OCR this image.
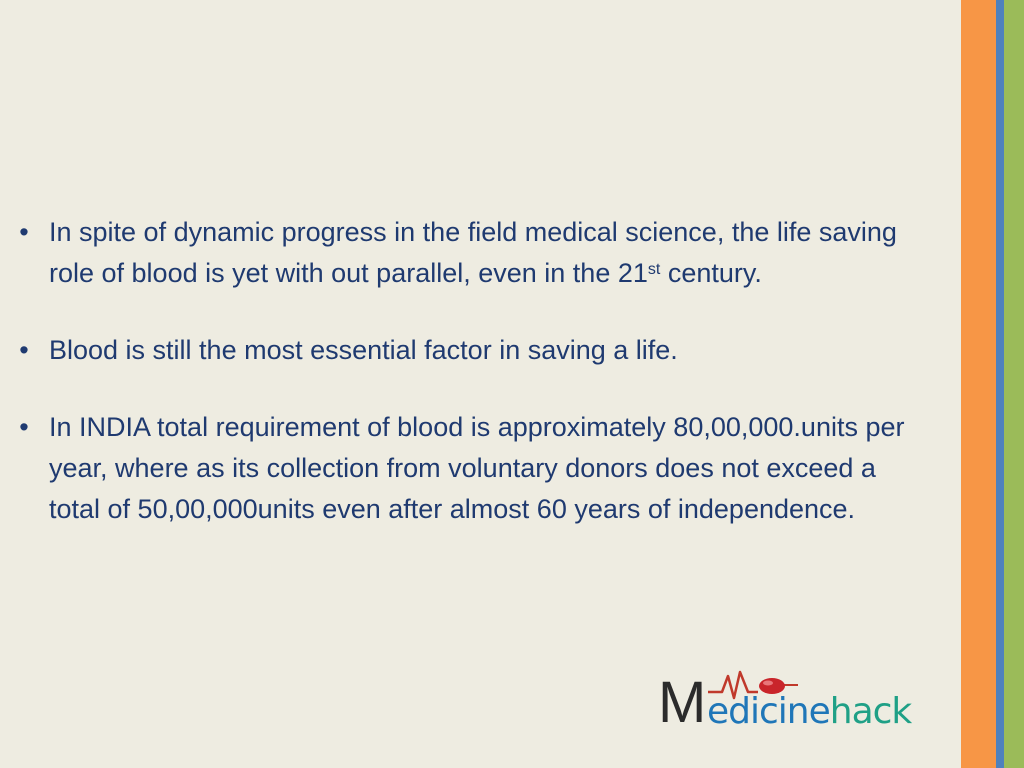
• In spite of dynamic progress in the field medical science, the life saving role of blood is yet with out parallel, even in the 21st century.
• Blood is still the most essential factor in saving a life.
• In INDIA total requirement of blood is approximately 80,00,000.units per year, where as its collection from voluntary donors does not exceed a total of 50,00,000units even after almost 60 years of independence.
M edicinehack
